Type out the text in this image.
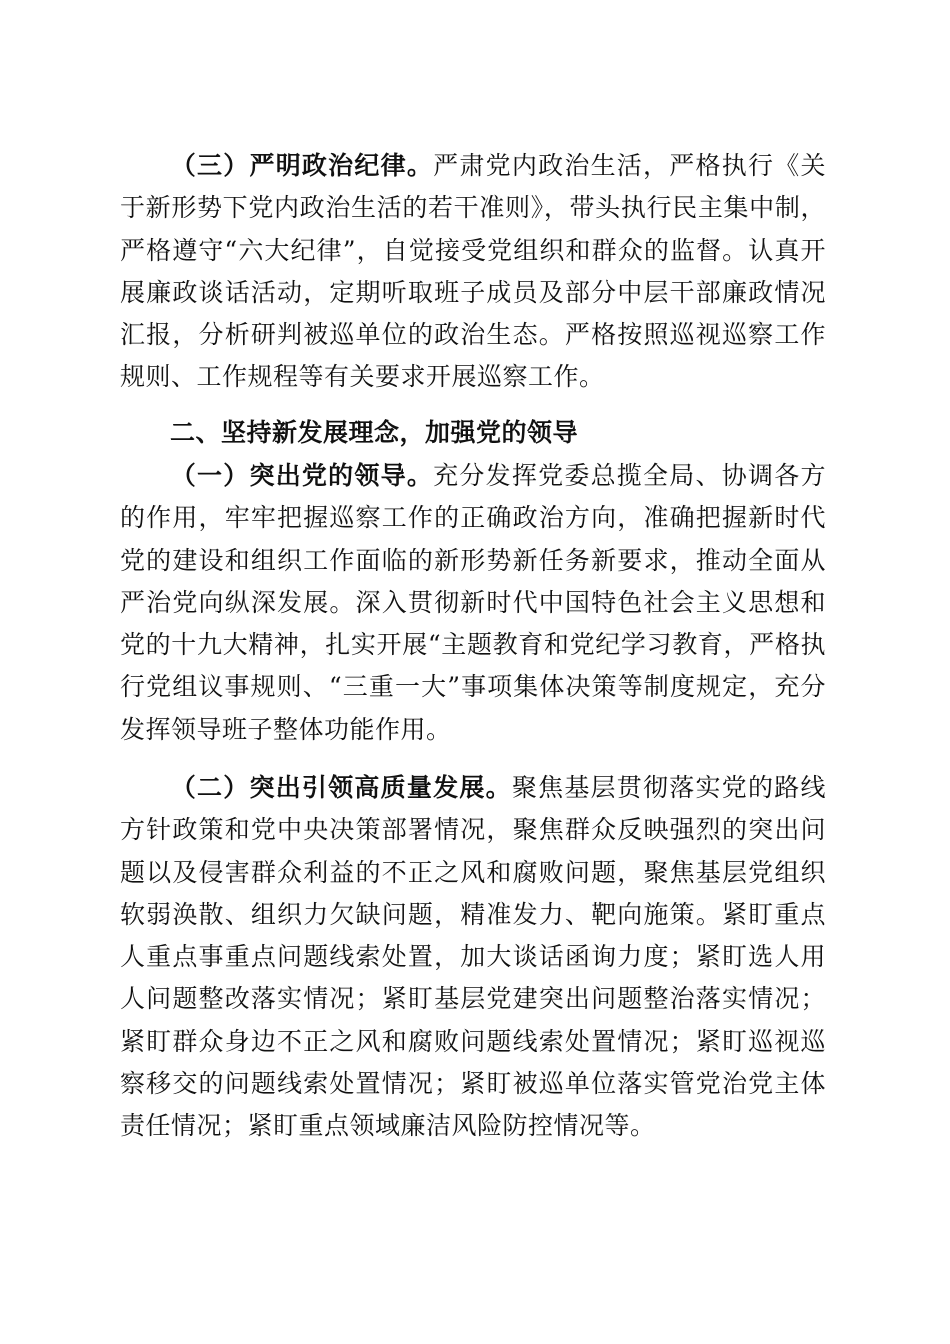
（三）严明政治纪律。严肃党内政治生活，严格执行《关于新形势下党内政治生活的若干准则》，带头执行民主集中制，严格遵守“六大纪律”，自觉接受党组织和群众的监督。认真开展廉政谈话活动，定期听取班子成员及部分中层干部廉政情况汇报，分析研判被巡单位的政治生态。严格按照巡视巡察工作规则、工作规程等有关要求开展巡察工作。

二、坚持新发展理念，加强党的领导

（一）突出党的领导。充分发挥党委总揽全局、协调各方的作用，牢牢把握巡察工作的正确政治方向，准确把握新时代党的建设和组织工作面临的新形势新任务新要求，推动全面从严治党向纵深发展。深入贯彻新时代中国特色社会主义思想和党的十九大精神，扎实开展“主题教育和党纪学习教育，严格执行党组议事规则、“三重一大”事项集体决策等制度规定，充分发挥领导班子整体功能作用。

（二）突出引领高质量发展。聚焦基层贯彻落实党的路线方针政策和党中央决策部署情况，聚焦群众反映强烈的突出问题以及侵害群众利益的不正之风和腐败问题，聚焦基层党组织软弱涣散、组织力欠缺问题，精准发力、靶向施策。紧盯重点人重点事重点问题线索处置，加大谈话函询力度；紧盯选人用人问题整改落实情况；紧盯基层党建突出问题整治落实情况；紧盯群众身边不正之风和腐败问题线索处置情况；紧盯巡视巡察移交的问题线索处置情况；紧盯被巡单位落实管党治党主体责任情况；紧盯重点领域廉洁风险防控情况等。
